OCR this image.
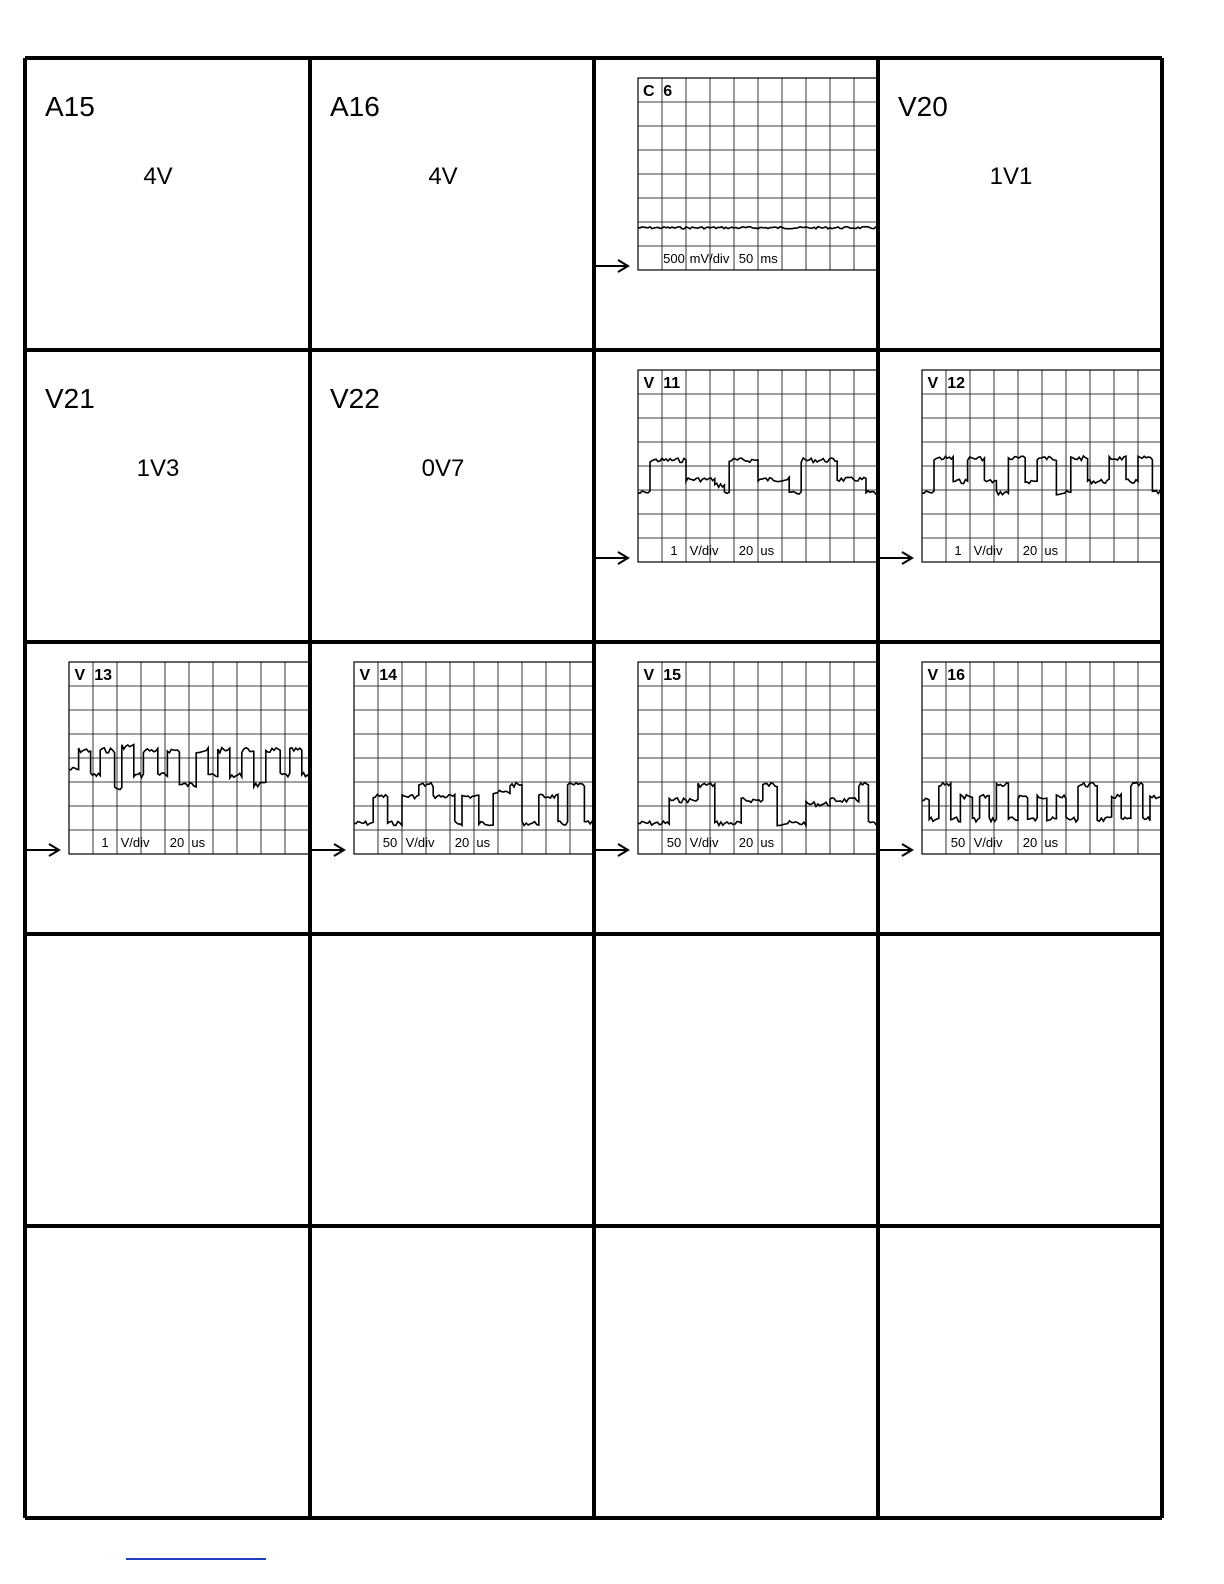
A15
4V
A16
4V
C 6
500 mV/div 50 ms
V20
1V1
V21
1V3
V22
0V7
V 11
1 V/div 20 us
V 12
1 V/div 20 us
V 13
1 V/div 20 us
V 14
50 V/div 20 us
V 15
50 V/div 20 us
V 16
50 V/div 20 us
